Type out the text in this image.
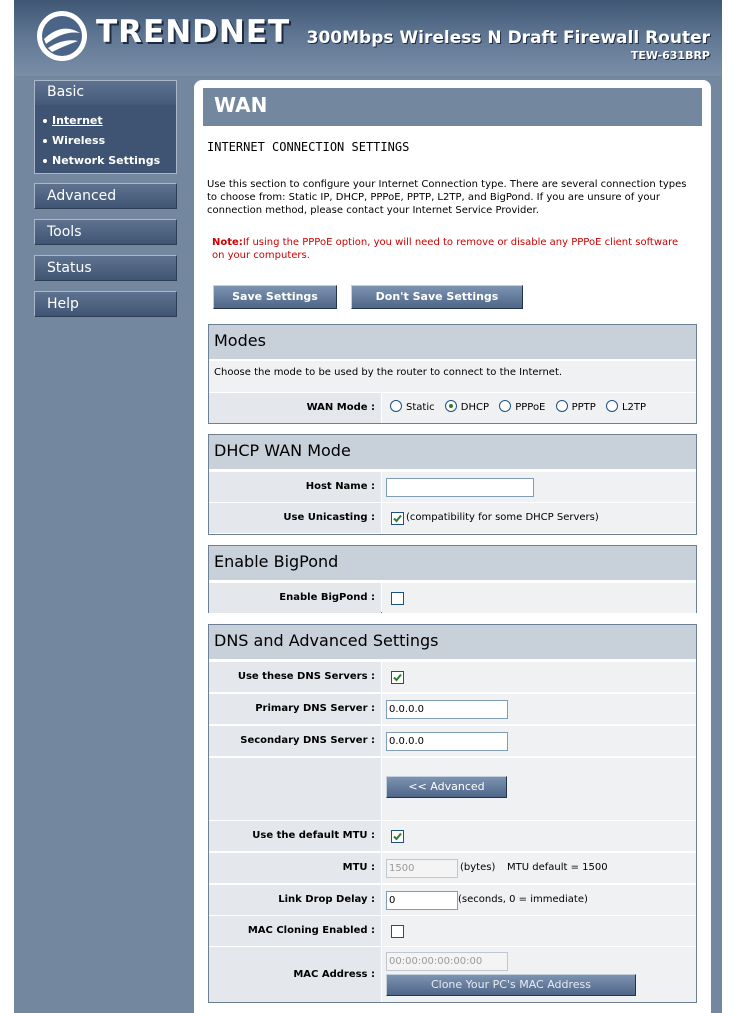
TRENDNET 300Mbps Wireless N Draft Firewall Router
TEW-631BRP
Basic
Internet
Wireless
Network Settings
Advanced
Tools
Status
Help
WAN
INTERNET CONNECTION SETTINGS
Use this section to configure your Internet Connection type. There are several connection types to choose from: Static IP, DHCP, PPPoE, PPTP, L2TP, and BigPond. If you are unsure of your connection method, please contact your Internet Service Provider.
Note:If using the PPPoE option, you will need to remove or disable any PPPoE client software on your computers.
Save Settings	Don't Save Settings
Modes
Choose the mode to be used by the router to connect to the Internet.
WAN Mode :	Static	DHCP	PPPoE	PPTP	L2TP
DHCP WAN Mode
Host Name :
Use Unicasting :	(compatibility for some DHCP Servers)
Enable BigPond
Enable BigPond :
DNS and Advanced Settings
Use these DNS Servers :
Primary DNS Server :
0.0.0.0
Secondary DNS Server :
0.0.0.0
<< Advanced
Use the default MTU :
MTU :
1500	(bytes) MTU default = 1500
Link Drop Delay :
0	(seconds, 0 = immediate)
MAC Cloning Enabled :
MAC Address :
00:00:00:00:00:00
Clone Your PC's MAC Address
